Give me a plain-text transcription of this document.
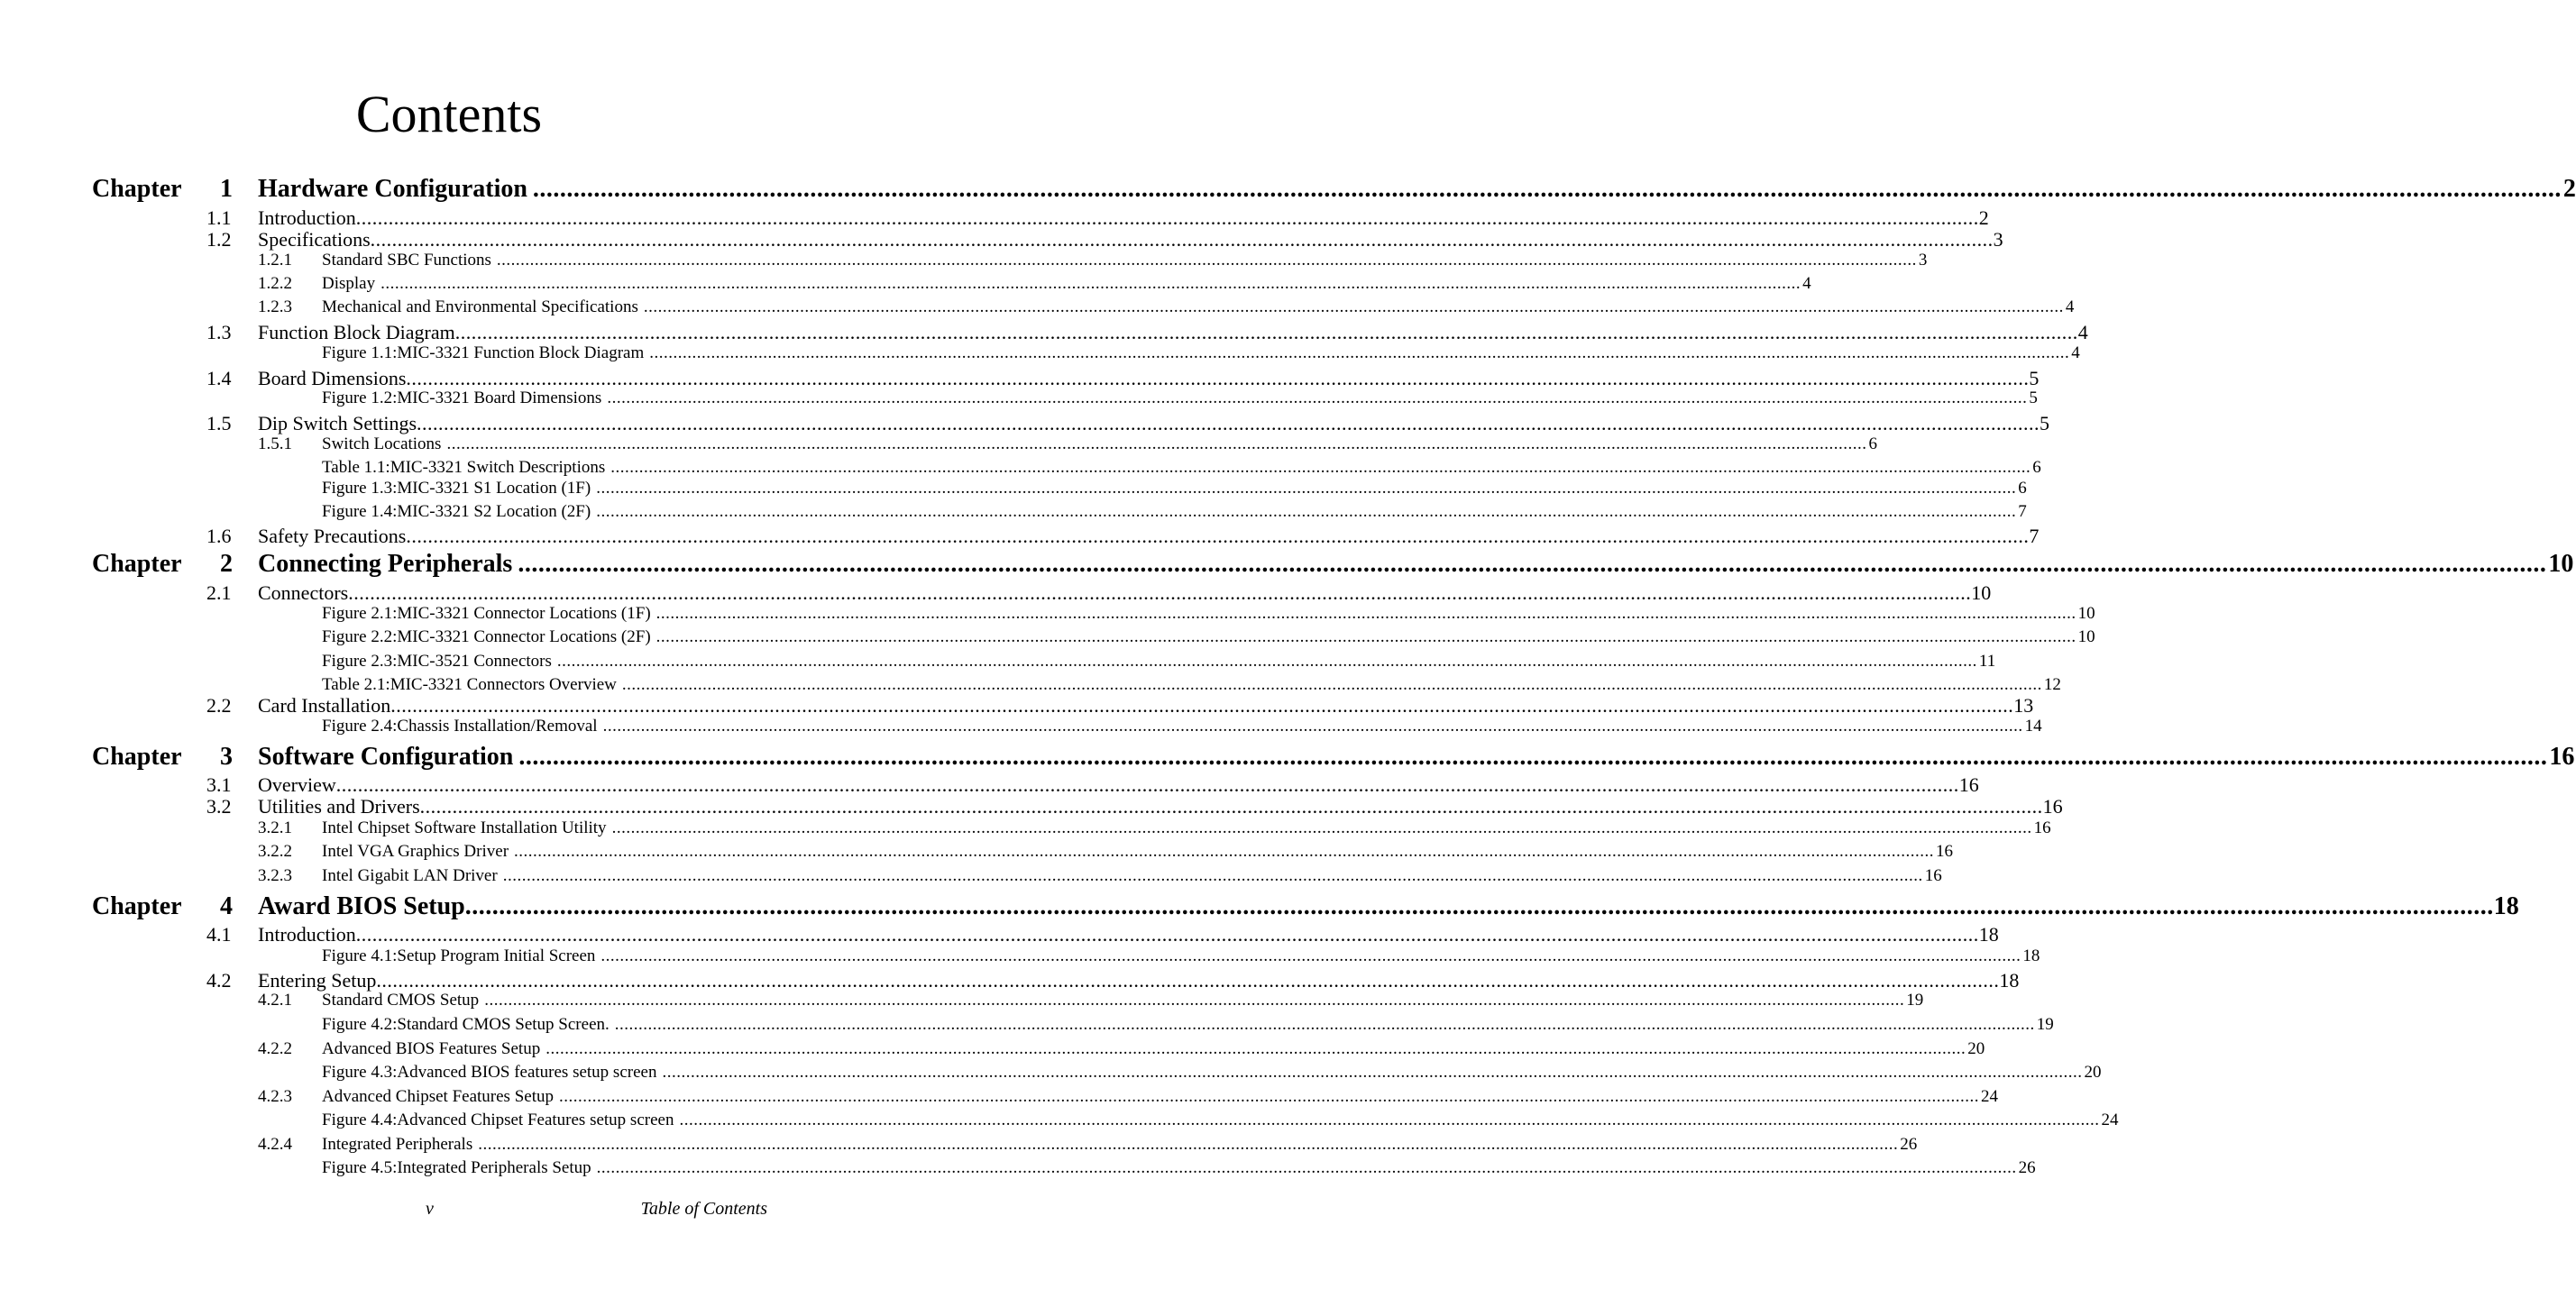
Contents
Chapter	1 Hardware Configuration ............................................................................................................................................................................................................................................................................................................ 2
1.1 Introduction ............................................................................................................................................................................................................................................................................................................ 2
1.2 Specifications ............................................................................................................................................................................................................................................................................................................ 3
1.2.1 Standard SBC Functions ............................................................................................................................................................................................................................................................................................................ 3
1.2.2 Display ............................................................................................................................................................................................................................................................................................................ 4
1.2.3 Mechanical and Environmental Specifications ............................................................................................................................................................................................................................................................................................................ 4
1.3 Function Block Diagram ............................................................................................................................................................................................................................................................................................................ 4
Figure 1.1:MIC-3321 Function Block Diagram ............................................................................................................................................................................................................................................................................................................ 4
1.4 Board Dimensions ............................................................................................................................................................................................................................................................................................................ 5
Figure 1.2:MIC-3321 Board Dimensions ............................................................................................................................................................................................................................................................................................................ 5
1.5 Dip Switch Settings ............................................................................................................................................................................................................................................................................................................ 5
1.5.1 Switch Locations ............................................................................................................................................................................................................................................................................................................ 6
Table 1.1:MIC-3321 Switch Descriptions ............................................................................................................................................................................................................................................................................................................ 6
Figure 1.3:MIC-3321 S1 Location (1F) ............................................................................................................................................................................................................................................................................................................ 6
Figure 1.4:MIC-3321 S2 Location (2F) ............................................................................................................................................................................................................................................................................................................ 7
1.6 Safety Precautions ............................................................................................................................................................................................................................................................................................................ 7
Chapter	2 Connecting Peripherals ............................................................................................................................................................................................................................................................................................................ 10
2.1 Connectors ............................................................................................................................................................................................................................................................................................................ 10
Figure 2.1:MIC-3321 Connector Locations (1F) ............................................................................................................................................................................................................................................................................................................ 10
Figure 2.2:MIC-3321 Connector Locations (2F) ............................................................................................................................................................................................................................................................................................................ 10
Figure 2.3:MIC-3521 Connectors ............................................................................................................................................................................................................................................................................................................ 11
Table 2.1:MIC-3321 Connectors Overview ............................................................................................................................................................................................................................................................................................................ 12
2.2 Card Installation ............................................................................................................................................................................................................................................................................................................ 13
Figure 2.4:Chassis Installation/Removal ............................................................................................................................................................................................................................................................................................................ 14
Chapter	3 Software Configuration ............................................................................................................................................................................................................................................................................................................ 16
3.1 Overview ............................................................................................................................................................................................................................................................................................................ 16
3.2 Utilities and Drivers ............................................................................................................................................................................................................................................................................................................ 16
3.2.1 Intel Chipset Software Installation Utility ............................................................................................................................................................................................................................................................................................................ 16
3.2.2 Intel VGA Graphics Driver ............................................................................................................................................................................................................................................................................................................ 16
3.2.3 Intel Gigabit LAN Driver ............................................................................................................................................................................................................................................................................................................ 16
Chapter	4 Award BIOS Setup ............................................................................................................................................................................................................................................................................................................ 18
4.1 Introduction ............................................................................................................................................................................................................................................................................................................ 18
Figure 4.1:Setup Program Initial Screen ............................................................................................................................................................................................................................................................................................................ 18
4.2 Entering Setup ............................................................................................................................................................................................................................................................................................................ 18
4.2.1 Standard CMOS Setup ............................................................................................................................................................................................................................................................................................................ 19
Figure 4.2:Standard CMOS Setup Screen. ............................................................................................................................................................................................................................................................................................................ 19
4.2.2 Advanced BIOS Features Setup ............................................................................................................................................................................................................................................................................................................ 20
Figure 4.3:Advanced BIOS features setup screen ............................................................................................................................................................................................................................................................................................................ 20
4.2.3 Advanced Chipset Features Setup ............................................................................................................................................................................................................................................................................................................ 24
Figure 4.4:Advanced Chipset Features setup screen ............................................................................................................................................................................................................................................................................................................ 24
4.2.4 Integrated Peripherals ............................................................................................................................................................................................................................................................................................................ 26
Figure 4.5:Integrated Peripherals Setup ............................................................................................................................................................................................................................................................................................................ 26
v	Table of Contents
